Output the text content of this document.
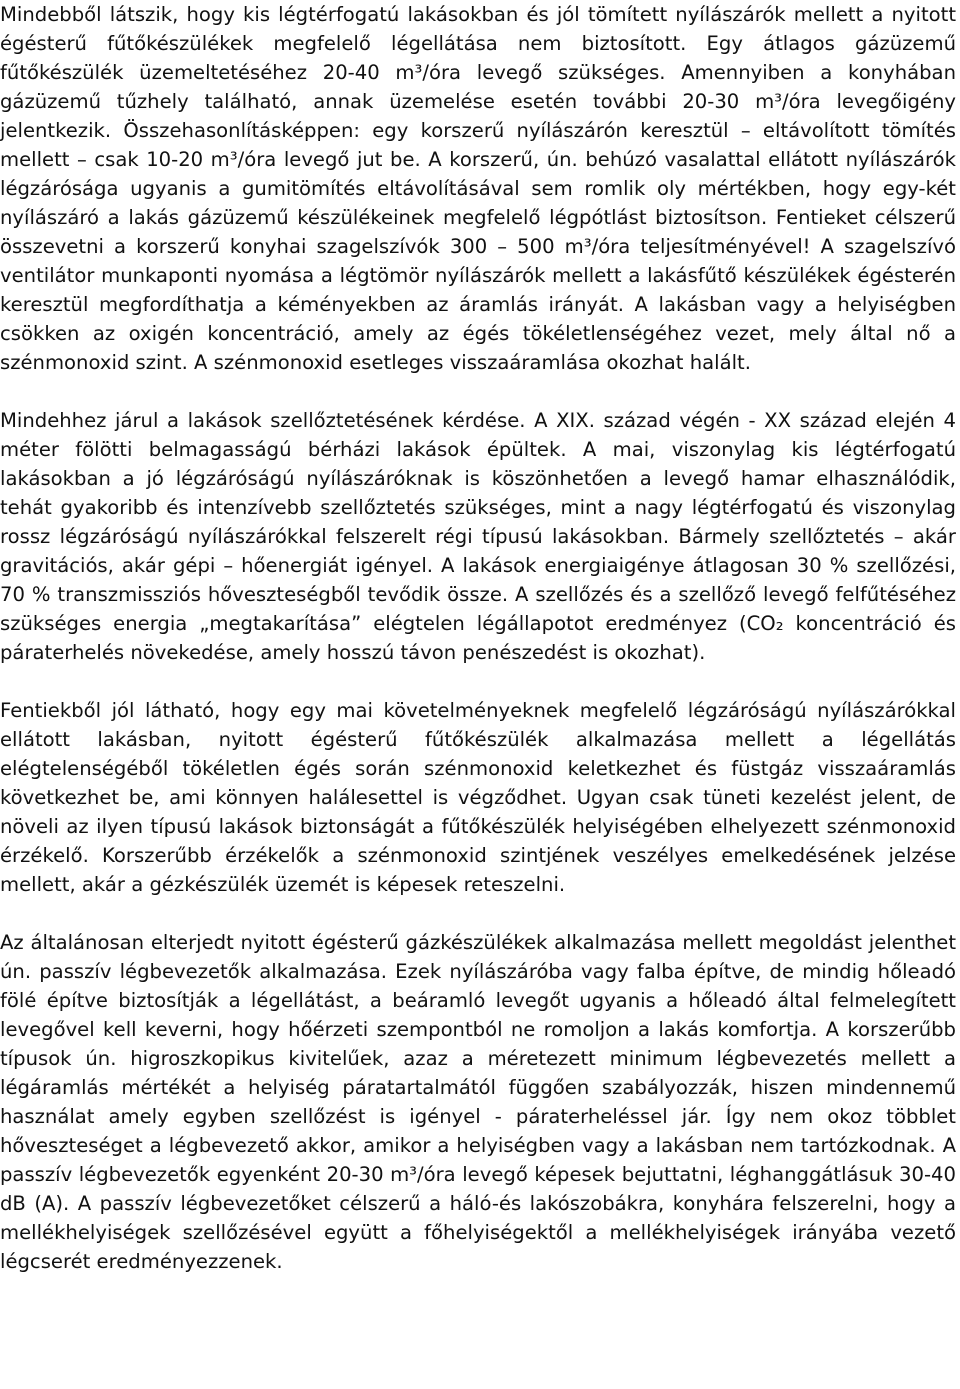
Mindebből látszik, hogy kis légtérfogatú lakásokban és jól tömített nyílászárók mellett a nyitott égésterű fűtőkészülékek megfelelő légellátása nem biztosított. Egy átlagos gázüzemű fűtőkészülék üzemeltetéséhez 20-40 m³/óra levegő szükséges. Amennyiben a konyhában gázüzemű tűzhely található, annak üzemelése esetén további 20-30 m³/óra levegőigény jelentkezik. Összehasonlításképpen: egy korszerű nyílászárón keresztül – eltávolított tömítés mellett – csak 10-20 m³/óra levegő jut be. A korszerű, ún. behúzó vasalattal ellátott nyílászárók légzárósága ugyanis a gumitömítés eltávolításával sem romlik oly mértékben, hogy egy-két nyílászáró a lakás gázüzemű készülékeinek megfelelő légpótlást biztosítson. Fentieket célszerű összevetni a korszerű konyhai szagelszívók 300 – 500 m³/óra teljesítményével! A szagelszívó ventilátor munkaponti nyomása a légtömör nyílászárók mellett a lakásfűtő készülékek égésterén keresztül megfordíthatja a kéményekben az áramlás irányát. A lakásban vagy a helyiségben csökken az oxigén koncentráció, amely az égés tökéletlenségéhez vezet, mely által nő a szénmonoxid szint. A szénmonoxid esetleges visszaáramlása okozhat halált.

Mindehhez járul a lakások szellőztetésének kérdése. A XIX. század végén - XX század elején 4 méter fölötti belmagasságú bérházi lakások épültek. A mai, viszonylag kis légtérfogatú lakásokban a jó légzáróságú nyílászáróknak is köszönhetően a levegő hamar elhasználódik, tehát gyakoribb és intenzívebb szellőztetés szükséges, mint a nagy légtérfogatú és viszonylag rossz légzáróságú nyílászárókkal felszerelt régi típusú lakásokban. Bármely szellőztetés – akár gravitációs, akár gépi – hőenergiát igényel. A lakások energiaigénye átlagosan 30 % szellőzési, 70 % transzmissziós hőveszteségből tevődik össze. A szellőzés és a szellőző levegő felfűtéséhez szükséges energia „megtakarítása” elégtelen légállapotot eredményez (CO₂ koncentráció és páraterhelés növekedése, amely hosszú távon penészedést is okozhat).

Fentiekből jól látható, hogy egy mai követelményeknek megfelelő légzáróságú nyílászárókkal ellátott lakásban, nyitott égésterű fűtőkészülék alkalmazása mellett a légellátás elégtelenségéből tökéletlen égés során szénmonoxid keletkezhet és füstgáz visszaáramlás következhet be, ami könnyen halálesettel is végződhet. Ugyan csak tüneti kezelést jelent, de növeli az ilyen típusú lakások biztonságát a fűtőkészülék helyiségében elhelyezett szénmonoxid érzékelő. Korszerűbb érzékelők a szénmonoxid szintjének veszélyes emelkedésének jelzése mellett, akár a gézkészülék üzemét is képesek reteszelni.

Az általánosan elterjedt nyitott égésterű gázkészülékek alkalmazása mellett megoldást jelenthet ún. passzív légbevezetők alkalmazása. Ezek nyílászáróba vagy falba építve, de mindig hőleadó fölé építve biztosítják a légellátást, a beáramló levegőt ugyanis a hőleadó által felmelegített levegővel kell keverni, hogy hőérzeti szempontból ne romoljon a lakás komfortja. A korszerűbb típusok ún. higroszkopikus kivitelűek, azaz a méretezett minimum légbevezetés mellett a légáramlás mértékét a helyiség páratartalmától függően szabályozzák, hiszen mindennemű használat amely egyben szellőzést is igényel - páraterheléssel jár. Így nem okoz többlet hőveszteséget a légbevezető akkor, amikor a helyiségben vagy a lakásban nem tartózkodnak. A passzív légbevezetők egyenként 20-30 m³/óra levegő képesek bejuttatni, léghanggátlásuk 30-40 dB (A). A passzív légbevezetőket célszerű a háló-és lakószobákra, konyhára felszerelni, hogy a mellékhelyiségek szellőzésével együtt a főhelyiségektől a mellékhelyiségek irányába vezető légcserét eredményezzenek.
